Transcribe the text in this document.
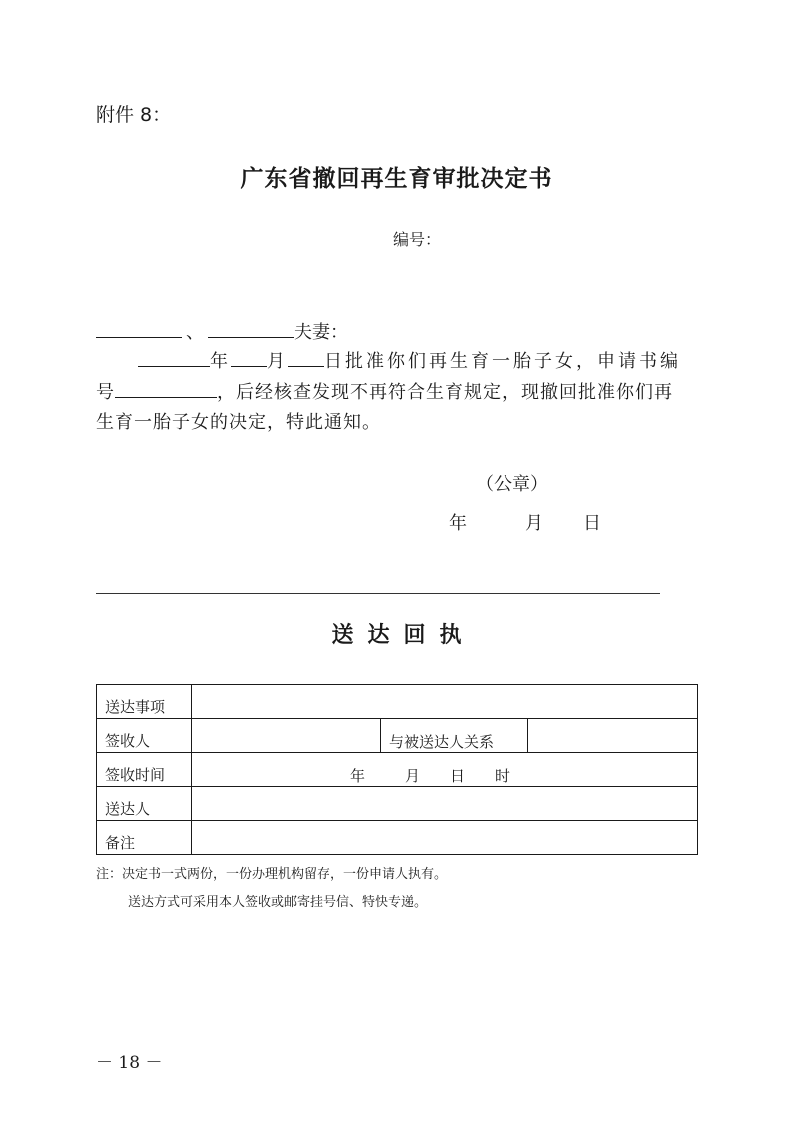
附件 8：
广东省撤回再生育审批决定书
编号：
、	夫妻：
年 月 日批准你们再生育一胎子女，申请书编
号	，后经核查发现不再符合生育规定，现撤回批准你们再
生育一胎子女的决定，特此通知。
（公章）
年	月 日
送达回执
送达事项			
签收人		与被送达人关系	
签收时间	年 月 日 时		
送达人			
备注			
注：决定书一式两份，一份办理机构留存，一份申请人执有。
送达方式可采用本人签收或邮寄挂号信、特快专递。
－ 18 －
